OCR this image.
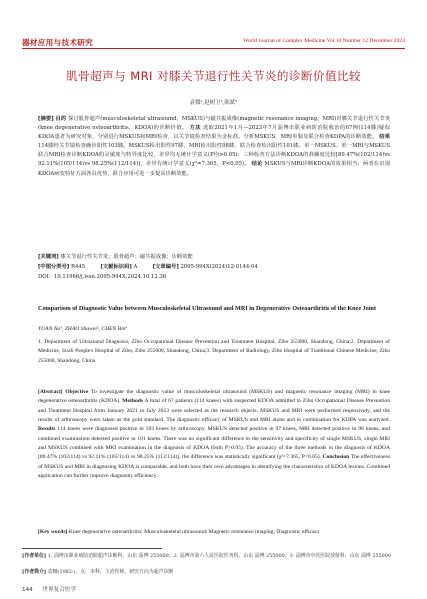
器材应用与技术研究	World Journal of Complex Medicine Vol.10 Number 12 December 2024
肌骨超声与 MRI 对膝关节退行性关节炎的诊断价值比较
袁娜¹,赵树卫²,陈斌³
[摘要] 目的 探讨肌骨超声(musculoskeletal ultrasound，MSKUS)与磁共振成像(magnetic resonance imaging，MRI)对膝关节退行性关节炎(knee degenerative osteoarthritis，KDOA)的诊断价值。 方法 选取2021年1月—2023年7月淄博市职业病防治院收治的67例(114膝)疑似KDOA患者为研究对象，分别进行MSKUS和MRI检查，以关节镜检查结果为金标准。分析MSKUS、MRI单独及联合检查KDPA的诊断效能。 结果 114膝经关节镜检查确诊阳性103膝。MSKUS检出阳性97膝，MRI检出阳性98膝，联合检查检出阳性101膝。单一MSKUS、单一MRI与MSKUS联合MRI检查诊断KDOA的灵敏度与特异度比较，差异均无统计学意义(P均>0.05)；三种检查方法诊断KDOA的准确度比较[89.47%(102/114)vs 92.11%(105/114)vs 98.25%(112/114)]，差异有统计学意义(χ²=7.365，P<0.05)。 结论 MSKUS与MRI诊断KDOA的效果相当，两者在识别KDOA病变特征方面各具优势，联合应用可进一步提高诊断效能。
[关键词] 膝关节退行性关节炎；肌骨超声；磁共振成像；诊断效能
[中图分类号] R445	[文献标识码] A	[文章编号] 2095-994X(2024)12-0144-04
DOI：10.11966/j.issn.2095-994X.2024.10.12.36
Comparison of Diagnostic Value between Musculoskeletal Ultrasound and MRI in Degenerative Osteoarthritis of the Knee Joint
YUAN Na¹, ZHAO Shuwei², CHEN Bin³
1. Department of Ultrasound Diagnosis, Zibo Occupational Disease Prevention and Treatment Hospital, Zibo 255000, Shandong, China;2. Department of Medicine, Sixth People's Hospital of Zibo, Zibo 255000, Shandong, China;3. Department of Radiology, Zibo Hospital of Traditional Chinese Medicine, Zibo 255000, Shandong, China
[Abstract] Objective To investigate the diagnostic value of musculoskeletal ultrasound (MSKUS) and magnetic resonance imaging (MRI) in knee degenerative osteoarthritis (KDOA). Methods A total of 67 patients (114 knees) with suspected KDOA admitted to Zibo Occupational Disease Prevention and Treatment Hospital from January 2021 to July 2023 were selected as the research objects. MSKUS and MRI were performed respectively, and the results of arthroscopy were taken as the gold standard. The diagnostic efficacy of MSKUS and MRI alone and in combination for KDPA was analyzed. Results 114 knees were diagnosed positive in 103 knees by arthroscopy. MSKUS detected positive in 97 knees, MRI detected positive in 98 knees, and combined examination detected positive in 101 knees. There was no significant difference in the sensitivity and specificity of single MSKUS, single MRI and MSKUS combined with MRI examination in the diagnosis of KDOA (both P>0.05). The accuracy of the three methods in the diagnosis of KDOA [89.47% (102/114) vs 92.11% (105/114) vs 98.25% (112/114)], the difference was statistically significant (χ²=7.365, P<0.05). Conclusion The effectiveness of MSKUS and MRI in diagnosing KDOA is comparable, and both have their own advantages in identifying the characteristics of KDOA lesions. Combined application can further improve diagnostic efficiency.
[Key words] Knee degenerative osteoarthritis; Musculoskeletal ultrasound; Magnetic resonance imaging; Diagnostic efficacy
[作者单位] 1. 淄博市职业病防治院超声诊断科，山东 淄博 255000；2. 淄博市第六人民医院医务科，山东 淄博 255000；3. 淄博市中医医院放射科，山东 淄博 255000
[作者简介] 袁娜(1982-)，女，本科，主治医师，研究方向为超声诊断
144 世界复合医学
